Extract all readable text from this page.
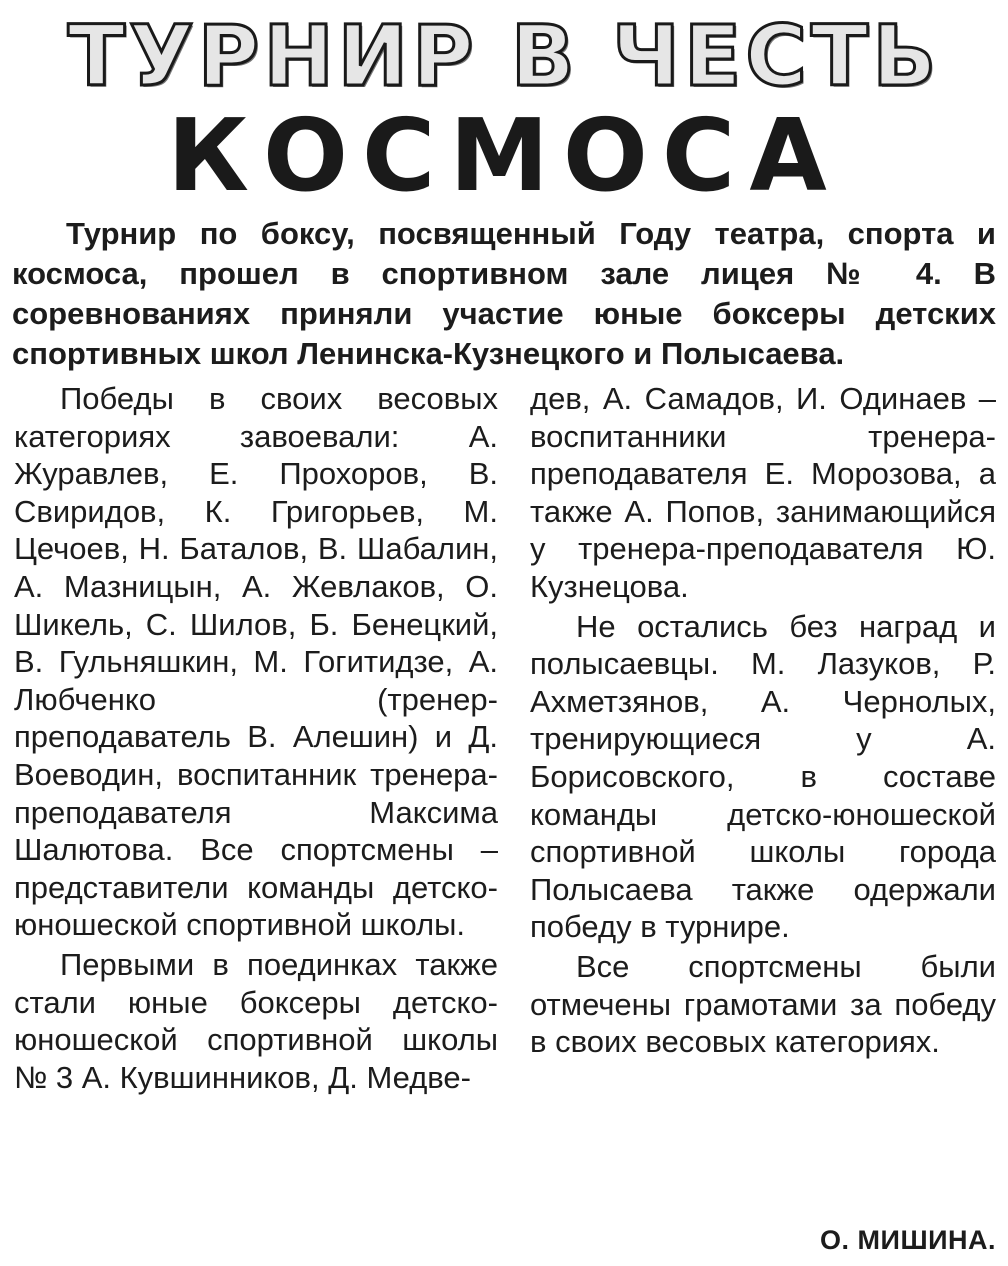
ТУРНИР В ЧЕСТЬ
КОСМОСА

Турнир по боксу, посвященный Году театра, спорта и космоса, прошел в спортивном зале лицея № 4. В соревнованиях приняли участие юные боксеры детских спортивных школ Ленинска-Кузнецкого и Полысаева.

Победы в своих весовых категориях завоевали: А. Журавлев, Е. Прохоров, В. Свиридов, К. Григорьев, М. Цечоев, Н. Баталов, В. Шабалин, А. Мазницын, А. Жевлаков, О. Шикель, С. Шилов, Б. Бенецкий, В. Гульняшкин, М. Гогитидзе, А. Любченко (тренер-преподаватель В. Алешин) и Д. Воеводин, воспитанник тренера-преподавателя Максима Шалютова. Все спортсмены – представители команды детско-юношеской спортивной школы.

Первыми в поединках также стали юные боксеры детско-юношеской спортивной школы № 3 А. Кувшинников, Д. Медве-

дев, А. Самадов, И. Одинаев – воспитанники тренера-преподавателя Е. Морозова, а также А. Попов, занимающийся у тренера-преподавателя Ю. Кузнецова.

Не остались без наград и полысаевцы. М. Лазуков, Р. Ахметзянов, А. Чернолых, тренирующиеся у А. Борисовского, в составе команды детско-юношеской спортивной школы города Полысаева также одержали победу в турнире.

Все спортсмены были отмечены грамотами за победу в своих весовых категориях.

О. МИШИНА.
